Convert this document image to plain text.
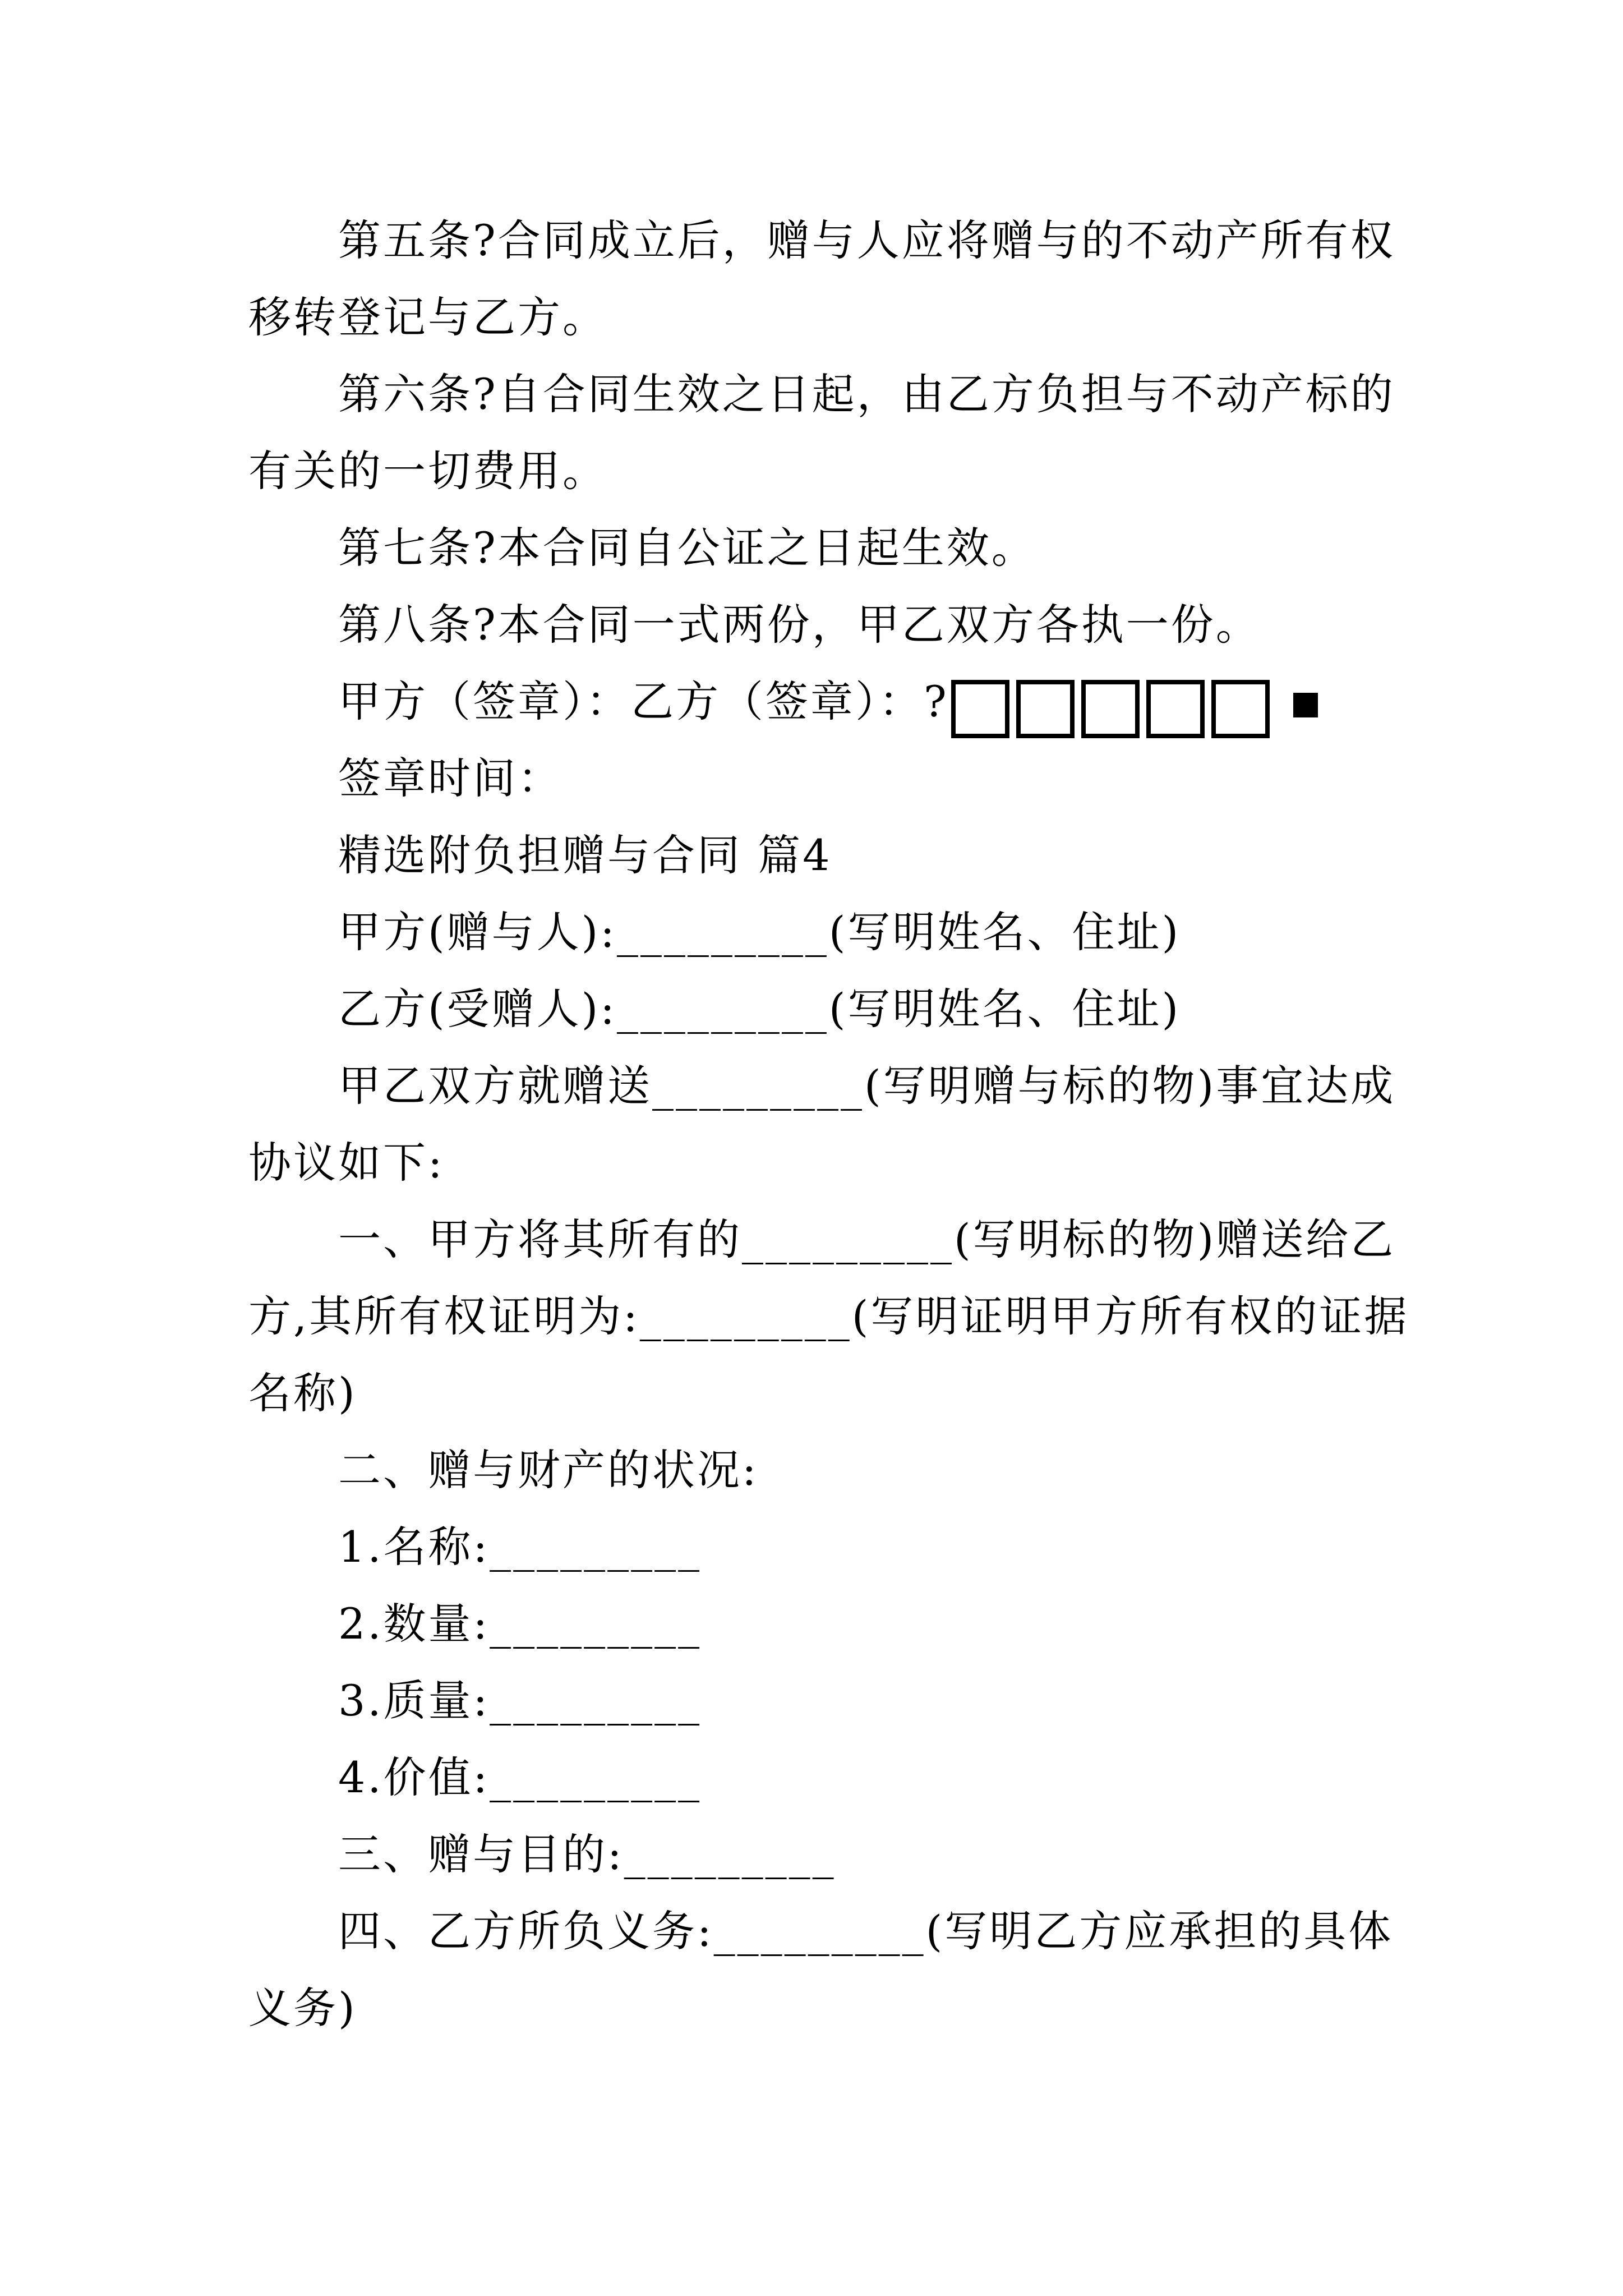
第五条?合同成立后，赠与人应将赠与的不动产所有权
移转登记与乙方。
第六条?自合同生效之日起，由乙方负担与不动产标的
有关的一切费用。
第七条?本合同自公证之日起生效。
第八条?本合同一式两份，甲乙双方各执一份。
甲方（签章）：乙方（签章）：?
签章时间：
精选附负担赠与合同 篇4
甲方(赠与人):_________(写明姓名、住址)
乙方(受赠人):_________(写明姓名、住址)
甲乙双方就赠送_________(写明赠与标的物)事宜达成
协议如下:
一、甲方将其所有的_________(写明标的物)赠送给乙
方,其所有权证明为:_________(写明证明甲方所有权的证据
名称)
二、赠与财产的状况:
1.名称:_________
2.数量:_________
3.质量:_________
4.价值:_________
三、赠与目的:_________
四、乙方所负义务:_________(写明乙方应承担的具体
义务)
